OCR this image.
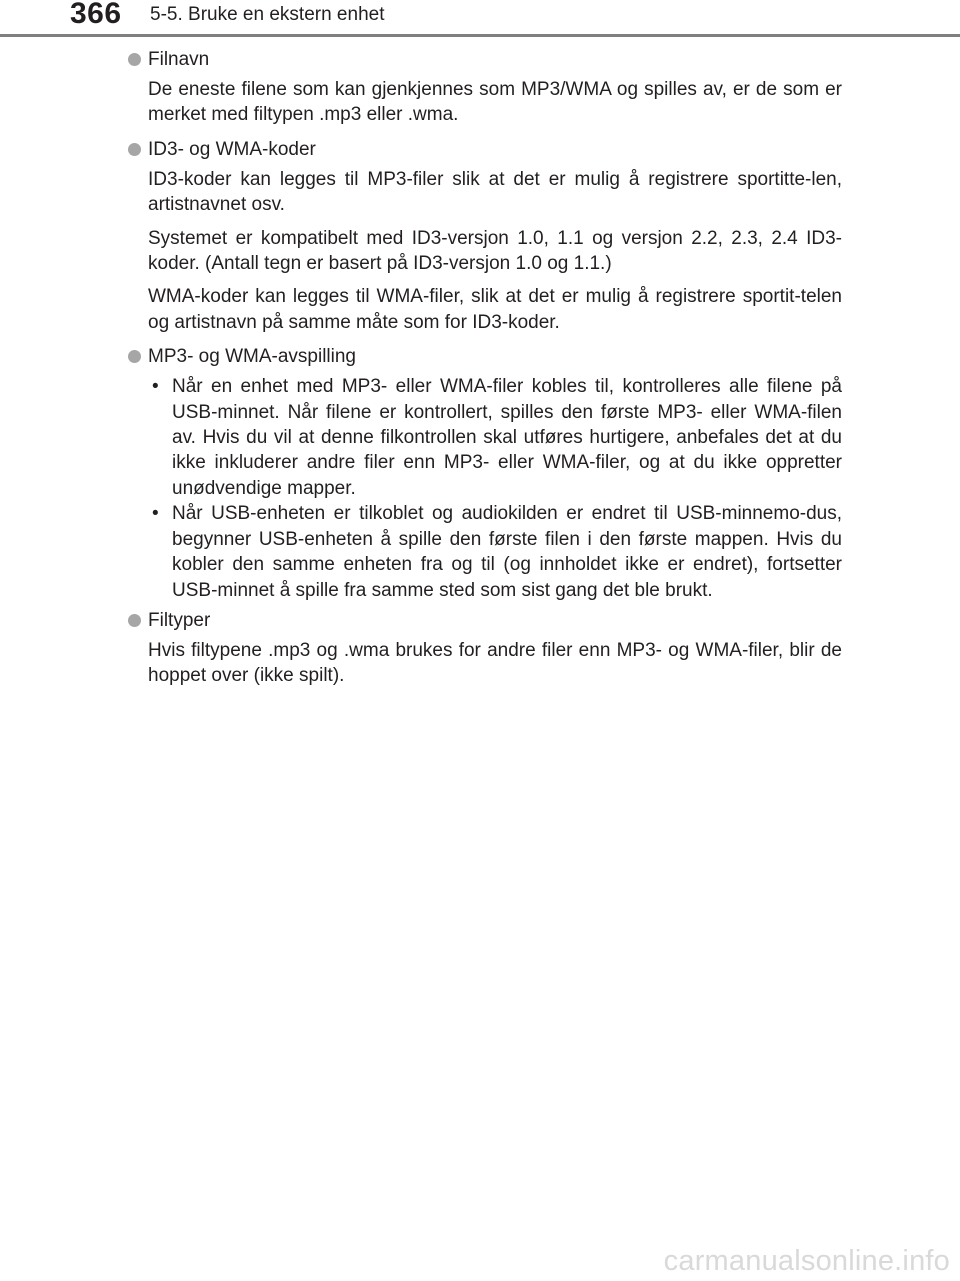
366 5-5. Bruke en ekstern enhet
Filnavn

De eneste filene som kan gjenkjennes som MP3/WMA og spilles av, er de som er merket med filtypen .mp3 eller .wma.

ID3- og WMA-koder

ID3-koder kan legges til MP3-filer slik at det er mulig å registrere sportitte-len, artistnavnet osv.

Systemet er kompatibelt med ID3-versjon 1.0, 1.1 og versjon 2.2, 2.3, 2.4 ID3-koder. (Antall tegn er basert på ID3-versjon 1.0 og 1.1.)

WMA-koder kan legges til WMA-filer, slik at det er mulig å registrere sportit-telen og artistnavn på samme måte som for ID3-koder.

MP3- og WMA-avspilling
• Når en enhet med MP3- eller WMA-filer kobles til, kontrolleres alle filene på USB-minnet. Når filene er kontrollert, spilles den første MP3- eller WMA-filen av. Hvis du vil at denne filkontrollen skal utføres hurtigere, anbefales det at du ikke inkluderer andre filer enn MP3- eller WMA-filer, og at du ikke oppretter unødvendige mapper.
• Når USB-enheten er tilkoblet og audiokilden er endret til USB-minnemo-dus, begynner USB-enheten å spille den første filen i den første mappen. Hvis du kobler den samme enheten fra og til (og innholdet ikke er endret), fortsetter USB-minnet å spille fra samme sted som sist gang det ble brukt.
Filtyper

Hvis filtypene .mp3 og .wma brukes for andre filer enn MP3- og WMA-filer, blir de hoppet over (ikke spilt).

carmanualsonline.info
